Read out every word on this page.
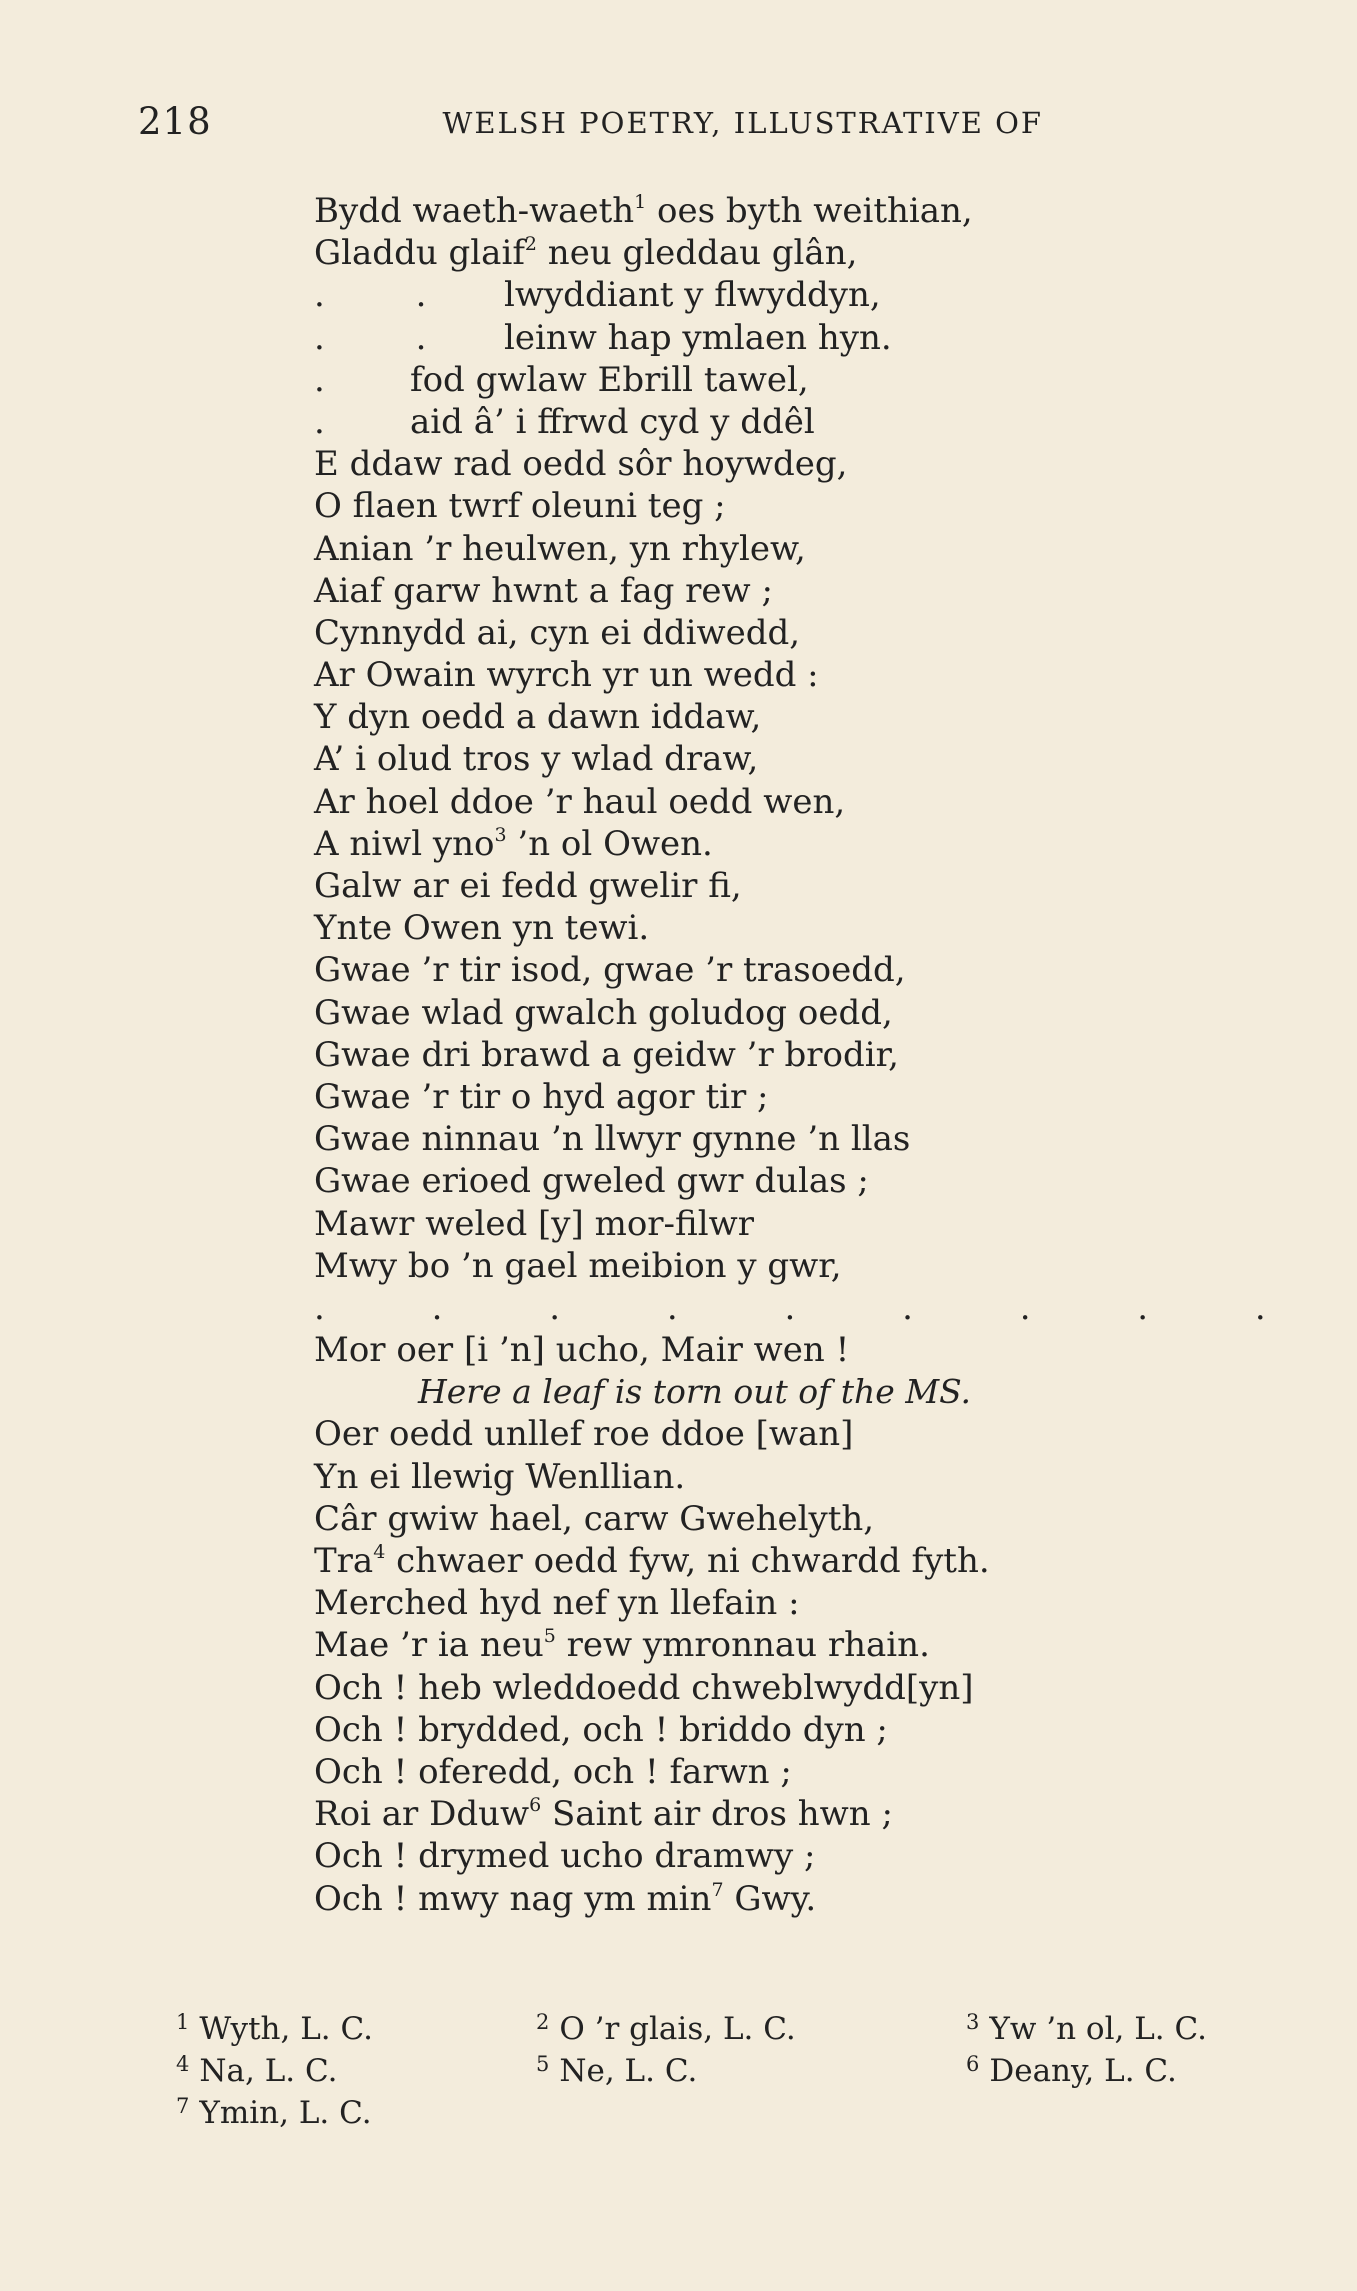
218	WELSH POETRY, ILLUSTRATIVE OF
Bydd waeth-waeth$^1$ oes byth weithian,
Gladdu glaif$^2$ neu gleddau glân,
. . lwyddiant y flwyddyn,
. . leinw hap ymlaen hyn.
.	fod gwlaw Ebrill tawel,
.	aid â’ i ffrwd cyd y ddêl
E ddaw rad oedd sôr hoywdeg,
O flaen twrf oleuni teg ;
Anian ’r heulwen, yn rhylew,
Aiaf garw hwnt a fag rew ;
Cynnydd ai, cyn ei ddiwedd,
Ar Owain wyrch yr un wedd :
Y dyn oedd a dawn iddaw,
A’ i olud tros y wlad draw,
Ar hoel ddoe ’r haul oedd wen,
A niwl yno$^3$ ’n ol Owen.
Galw ar ei fedd gwelir fi,
Ynte Owen yn tewi.
Gwae ’r tir isod, gwae ’r trasoedd,
Gwae wlad gwalch goludog oedd,
Gwae dri brawd a geidw ’r brodir,
Gwae ’r tir o hyd agor tir ;
Gwae ninnau ’n llwyr gynne ’n llas
Gwae erioed gweled gwr dulas ;
Mawr weled [y] mor-filwr
Mwy bo ’n gael meibion y gwr,
. . . . . . . . .
Mor oer [i ’n] ucho, Mair wen !
Here a leaf is torn out of the MS.
Oer oedd unllef roe ddoe [wan]
Yn ei llewig Wenllian.
Câr gwiw hael, carw Gwehelyth,
Tra$^4$ chwaer oedd fyw, ni chwardd fyth.
Merched hyd nef yn llefain :
Mae ’r ia neu$^5$ rew ymronnau rhain.
Och ! heb wleddoedd chweblwydd[yn]
Och ! brydded, och ! briddo dyn ;
Och ! oferedd, och ! farwn ;
Roi ar Dduw$^6$ Saint air dros hwn ;
Och ! drymed ucho dramwy ;
Och ! mwy nag ym $\min^7$ Gwy.
$^1$ Wyth, L. C.	$^2$ O ’r glais, L. C.	$^3$ Yw ’n ol, L. C.
$^4$ Na, L. C.	$^5$ Ne, L. C.	$^6$ Deany, L. C.
$^7$ Ymin, L. C.
